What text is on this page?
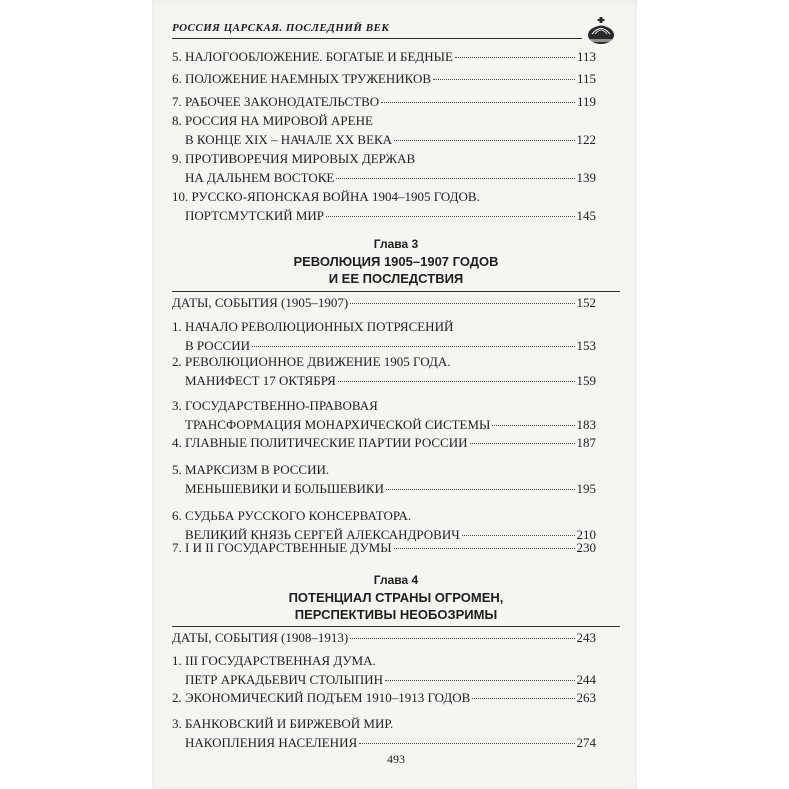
РОССИЯ ЦАРСКАЯ. ПОСЛЕДНИЙ ВЕК
5. НАЛОГООБЛОЖЕНИЕ. БОГАТЫЕ И БЕДНЫЕ	113
6. ПОЛОЖЕНИЕ НАЕМНЫХ ТРУЖЕНИКОВ	115
7. РАБОЧЕЕ ЗАКОНОДАТЕЛЬСТВО	119
8. РОССИЯ НА МИРОВОЙ АРЕНЕ
В КОНЦЕ XIX – НАЧАЛЕ XX ВЕКА	122
9. ПРОТИВОРЕЧИЯ МИРОВЫХ ДЕРЖАВ
НА ДАЛЬНЕМ ВОСТОКЕ	139
10. РУССКО-ЯПОНСКАЯ ВОЙНА 1904–1905 ГОДОВ.
ПОРТСМУТСКИЙ МИР	145
Глава 3
РЕВОЛЮЦИЯ 1905–1907 ГОДОВ
И ЕЕ ПОСЛЕДСТВИЯ
ДАТЫ, СОБЫТИЯ (1905–1907)	152
1. НАЧАЛО РЕВОЛЮЦИОННЫХ ПОТРЯСЕНИЙ
В РОССИИ	153
2. РЕВОЛЮЦИОННОЕ ДВИЖЕНИЕ 1905 ГОДА.
МАНИФЕСТ 17 ОКТЯБРЯ	159
3. ГОСУДАРСТВЕННО-ПРАВОВАЯ
ТРАНСФОРМАЦИЯ МОНАРХИЧЕСКОЙ СИСТЕМЫ	183
4. ГЛАВНЫЕ ПОЛИТИЧЕСКИЕ ПАРТИИ РОССИИ	187
5. МАРКСИЗМ В РОССИИ.
МЕНЬШЕВИКИ И БОЛЬШЕВИКИ	195
6. СУДЬБА РУССКОГО КОНСЕРВАТОРА.
ВЕЛИКИЙ КНЯЗЬ СЕРГЕЙ АЛЕКСАНДРОВИЧ	210
7. I И II ГОСУДАРСТВЕННЫЕ ДУМЫ	230
Глава 4
ПОТЕНЦИАЛ СТРАНЫ ОГРОМЕН,
ПЕРСПЕКТИВЫ НЕОБОЗРИМЫ
ДАТЫ, СОБЫТИЯ (1908–1913)	243
1. III ГОСУДАРСТВЕННАЯ ДУМА.
ПЕТР АРКАДЬЕВИЧ СТОЛЫПИН	244
2. ЭКОНОМИЧЕСКИЙ ПОДЪЕМ 1910–1913 ГОДОВ	263
3. БАНКОВСКИЙ И БИРЖЕВОЙ МИР.
НАКОПЛЕНИЯ НАСЕЛЕНИЯ	274
493
